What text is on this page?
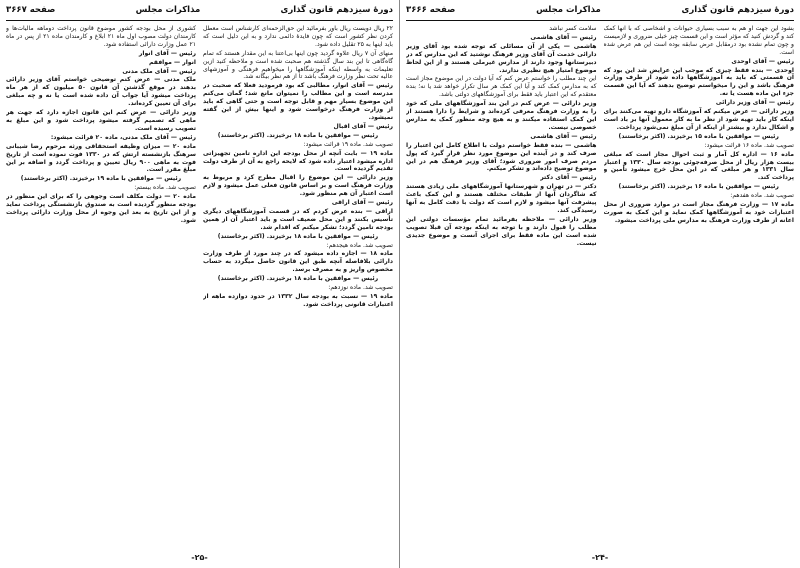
دورهٔ سیزدهم قانون گذاری
مذاکرات مجلس
صفحه ۳۶۶۷

۲۲ ریال دویست ریال باور بفرمائید این حق‌الزحمه‌ای کارشناس است معطل کردن نظر کشور است که چون فایدهٔ دائمی ندارد و به این دلیل است که باید اینها به ۲۵ تقلیل داده شود.

منهای آن ۷ ریال علاوه گردید چون اینها بی‌اعتنا به این مقدار هستند که تمام گاه‌گاهی تا این بند سال گذشته هم صحبت شده است و ملاحظه کنید ازین تعلیمات به واسطه اینکه آموزشگاهها را میخواهیم فرهنگی و آموزشهای عالیه تحت نظر وزارت فرهنگ باشد تا از هم نظر بیگانه شد.

رئیس — آقای انوار، مطالبی که بود فرمودید فعلا که صحبت در مدرسه است و این مطالب را نمیتوان مانع شد؛ گمان می‌کنم این موضوع بسیار مهم و قابل توجه است و حتی گاهی که باید از وزارت فرهنگ درخواست شود و اینها بیش از این گفته نمیشود.

رئیس — آقای اقبال

رئیس — موافقین با ماده ۱۸ برخیزند. (اکثر برخاستند)

تصویب شد. ماده ۱۹ قرائت میشود:

ماده ۱۹ — بابت آنچه از محل بودجه این اداره تامین تجهیزاتی اداره میشود اعتبار داده شود که لایحه راجع به آن از طرف دولت تقدیم گردیده است.

وزیر دارائی — این موضوع را اقبال مطرح کرد و مربوط به وزارت فرهنگ است و بر اساس قانون فعلی عمل میشود و لازم است اعتبار آن هم منظور شود.

رئیس — آقای اراقی

اراقی — بنده عرض کردم که در قسمت آموزشگاههای دیگری تأسیس بکنند و این محل ضعیف است و باید اعتبار آن از همین بودجه تامین گردد؛ تشکر میکنم که اقدام شد.

رئیس — موافقین با ماده ۱۸ برخیزند. (اکثر برخاستند)

تصویب شد. ماده هیجدهم:

ماده ۱۸ — اجازه داده میشود که در چند مورد از طرف وزارت دارائی بلافاصله آنچه طبق این قانون حاصل میگردد به حساب مخصوص واریز و به مصرف برسد.

رئیس — موافقین با ماده ۱۸ برخیزند. (اکثر برخاستند)

تصویب شد. ماده نوزدهم:

ماده ۱۹ — نسبت به بودجه سال ۱۳۳۲ در حدود دوازده ماهه از اعتبارات قانونی پرداخت شود.

کشوری از محل بودجه کشور موضوع قانون پرداخت دوماهه مالیات‌ها و کارمندان دولت مصوب اول ماه ۲۱ ابلاغ و کارمندان ماده ۲۱ از پس در ماه ۲۱ عمل وزارت دارائی استفاده شود.

رئیس — آقای انوار

انوار — موافقم

رئیس — آقای ملک مدنی

ملک مدنی — عرض کنم توضیحی خواستم آقای وزیر دارائی بدهند در موقع گذشتن آن قانون ۵۰ میلیون که از هر ماه پرداخت میشود آیا جواب آن داده شده است یا نه و چه مبلغی برای آن تعیین کرده‌اند.

وزیر دارائی — عرض کنم این قانون اجازه دارد که جهت هر ماهی که تصمیم گرفته میشود پرداخت شود و این مبلغ به تصویب رسیده است.

رئیس — آقای ملک مدنی، ماده ۲۰ قرائت میشود:

ماده ۲۰ — میزان وظیفه استحقاقی ورثه مرحوم رضا شیبانی سرهنگ بازنشسته ارتش که در ۱۳۳۰ فوت نموده است از تاریخ فوت به ماهی ۹۰۰ ریال تعیین و پرداخت گردد و اضافه بر این مبلغ مقرر است.

رئیس — موافقین با ماده ۱۹ برخیزند. (اکثر برخاستند)

تصویب شد. ماده بیستم:

ماده ۲۰ — دولت مکلف است وجوهی را که برای این منظور در بودجه منظور گردیده است به صندوق بازنشستگی پرداخت نماید و از این تاریخ به بعد این وجوه از محل وزارت دارائی پرداخت شود.

-۲۵-
دورهٔ سیزدهم قانون گذاری
مذاکرات مجلس
صفحه ۳۶۶۶

بشود این جهت او هم به سبب بسیاری حیوانات و اشخاصی که با آنها کمک کند و گردش کنید که مؤثر است و این قسمت چیز خیلی ضروری و لازمیست و چون تمام نشده بود درمقابل عرض سابقه بوده است این هم عرض شده است.

رئیس — آقای اوحدی

اوحدی — بنده فقط چیزی که موجب این عرایض شد این بود که آن قسمتی که باید به آموزشگاهها داده شود از طرف وزارت فرهنگ باشد و این را میخواستم توضیح بدهند که آیا این قسمت جزء این ماده هست یا نه.

رئیس — آقای وزیر دارائی

وزیر دارائی — عرض میکنم که آموزشگاه دارو تهیه می‌کنند برای اینکه کار باید تهیه شود از نظر ما به کار معمول آنها بر باد است و اشکال ندارد و بیشتر از اینکه از آن مبلغ نمی‌شود پرداخت.

رئیس — موافقین با ماده ۱۵ برخیزند. (اکثر برخاستند)

تصویب شد. ماده ۱۶ قرائت میشود:

ماده ۱۶ — اداره کل آمار و ثبت احوال مجاز است که مبلغی بیست هزار ریال از محل صرفه‌جوئی بودجه سال ۱۳۳۰ و اعتبار سال ۱۳۳۱ و هر مبلغی که در این محل خرج میشود تأمین و پرداخت کند.

رئیس — موافقین با ماده ۱۶ برخیزند. (اکثر برخاستند)

تصویب شد. ماده هفدهم:

ماده ۱۷ — وزارت فرهنگ مجاز است در موارد ضروری از محل اعتبارات خود به آموزشگاهها کمک نماید و این کمک به صورت اعانه از طرف وزارت فرهنگ به مدارس ملی پرداخت میشود.

سلامت کسر نباشد

رئیس — آقای هاشمی

هاشمی — یکی از آن مسائلی که توجه شده بود آقای وزیر دارائی خدمت آن آقای وزیر فرهنگ نوشتید که این مدارس که در دبیرستانها وجود دارند از مدارس غیرملی هستند و از این لحاظ موضوع امتیاز هیچ نظیری ندارند.

این چند مطلب را خواستم عرض کنم که آیا دولت در این موضوع مجاز است که به مدارس کمک کند و آیا این کمک هر سال تکرار خواهد شد یا نه؛ بنده معتقدم که این اعتبار باید فقط برای آموزشگاههای دولتی باشد.

وزیر دارائی — عرض کنم در این بند آموزشگاههای ملی که خود را به وزارت فرهنگ معرفی کرده‌اند و شرایط را دارا هستند از این کمک استفاده میکنند و به هیچ وجه منظور کمک به مدارس خصوصی نیست.

رئیس — آقای هاشمی

هاشمی — بنده فقط خواستم دولت با اطلاع کامل این اعتبار را صرف کند و در آینده این موضوع مورد نظر قرار گیرد که پول مردم صرف امور ضروری شود؛ آقای وزیر فرهنگ هم در این موضوع توضیح داده‌اند و تشکر میکنم.

رئیس — آقای دکتر

دکتر — در تهران و شهرستانها آموزشگاههای ملی زیادی هستند که شاگردان آنها از طبقات مختلف هستند و این کمک باعث پیشرفت آنها میشود و لازم است که دولت با دقت کامل به آنها رسیدگی کند.

وزیر دارائی — ملاحظه بفرمائید تمام مؤسسات دولتی این مطلب را قبول دارند و با توجه به اینکه بودجه آن قبلا تصویب شده است این ماده فقط برای اجرای آنست و موضوع جدیدی نیست.

-۲۴-
